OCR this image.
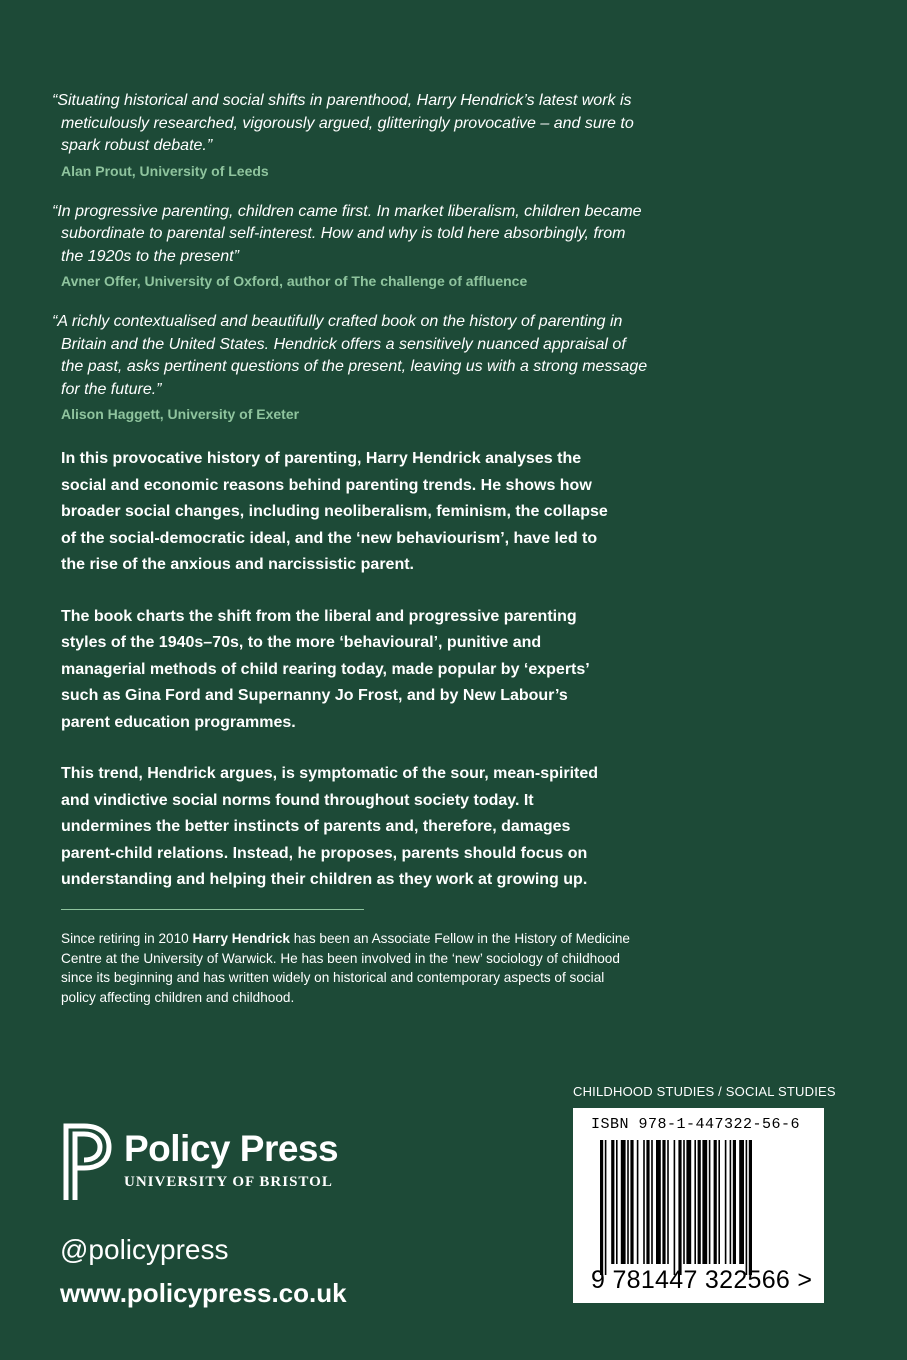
“Situating historical and social shifts in parenthood, Harry Hendrick’s latest work is meticulously researched, vigorously argued, glitteringly provocative – and sure to spark robust debate.”

Alan Prout, University of Leeds

“In progressive parenting, children came first. In market liberalism, children became subordinate to parental self-interest. How and why is told here absorbingly, from the 1920s to the present”

Avner Offer, University of Oxford, author of The challenge of affluence

“A richly contextualised and beautifully crafted book on the history of parenting in Britain and the United States. Hendrick offers a sensitively nuanced appraisal of the past, asks pertinent questions of the present, leaving us with a strong message for the future.”

Alison Haggett, University of Exeter

In this provocative history of parenting, Harry Hendrick analyses the social and economic reasons behind parenting trends. He shows how broader social changes, including neoliberalism, feminism, the collapse of the social-democratic ideal, and the ‘new behaviourism’, have led to the rise of the anxious and narcissistic parent.

The book charts the shift from the liberal and progressive parenting styles of the 1940s–70s, to the more ‘behavioural’, punitive and managerial methods of child rearing today, made popular by ‘experts’ such as Gina Ford and Supernanny Jo Frost, and by New Labour’s parent education programmes.

This trend, Hendrick argues, is symptomatic of the sour, mean-spirited and vindictive social norms found throughout society today. It undermines the better instincts of parents and, therefore, damages parent-child relations. Instead, he proposes, parents should focus on understanding and helping their children as they work at growing up.

Since retiring in 2010 Harry Hendrick has been an Associate Fellow in the History of Medicine Centre at the University of Warwick. He has been involved in the ‘new’ sociology of childhood since its beginning and has written widely on historical and contemporary aspects of social policy affecting children and childhood.

Policy Press
UNIVERSITY OF BRISTOL
@policypress
www.policypress.co.uk
CHILDHOOD STUDIES / SOCIAL STUDIES
ISBN 978-1-447322-56-6
9 781447 322566 >
